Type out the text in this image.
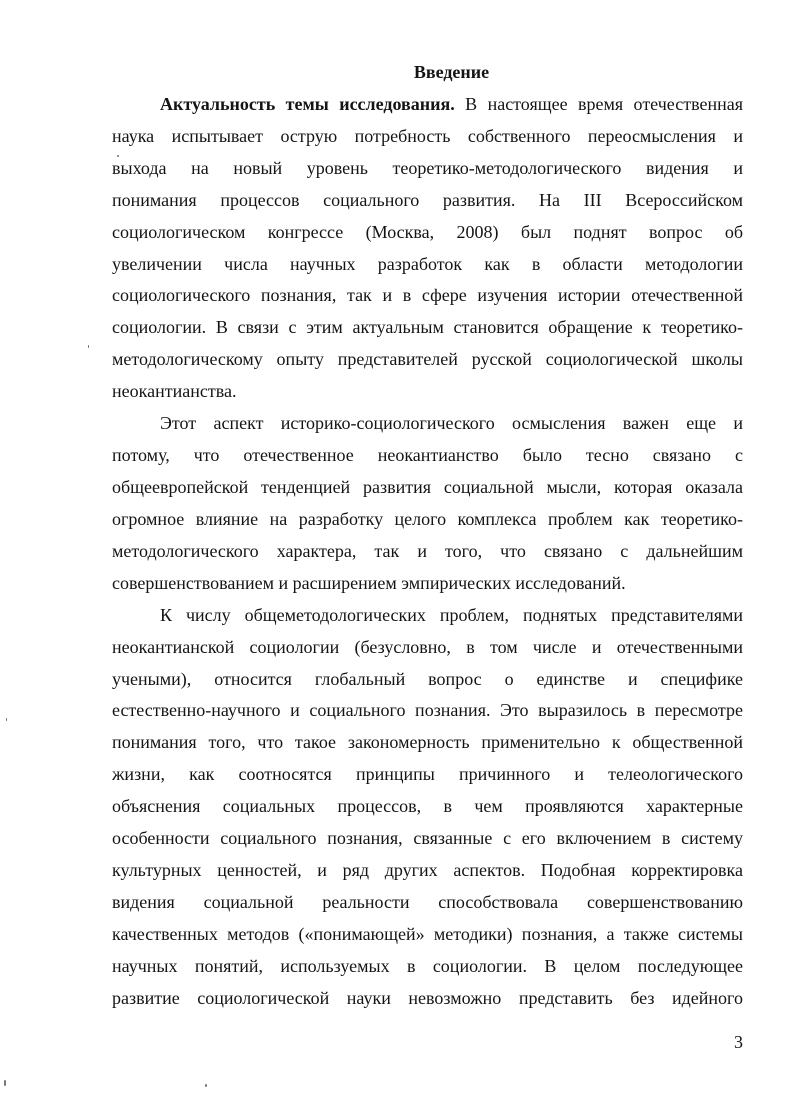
Введение
Актуальность темы исследования. В настоящее время отечественная
наука испытывает острую потребность собственного переосмысления и
выхода на новый уровень теоретико-методологического видения и
понимания процессов социального развития. На III Всероссийском
социологическом конгрессе (Москва, 2008) был поднят вопрос об
увеличении числа научных разработок как в области методологии
социологического познания, так и в сфере изучения истории отечественной
социологии. В связи с этим актуальным становится обращение к теоретико-
методологическому опыту представителей русской социологической школы
неокантианства.
Этот аспект историко-социологического осмысления важен еще и
потому, что отечественное неокантианство было тесно связано с
общеевропейской тенденцией развития социальной мысли, которая оказала
огромное влияние на разработку целого комплекса проблем как теоретико-
методологического характера, так и того, что связано с дальнейшим
совершенствованием и расширением эмпирических исследований.
К числу общеметодологических проблем, поднятых представителями
неокантианской социологии (безусловно, в том числе и отечественными
учеными), относится глобальный вопрос о единстве и специфике
естественно-научного и социального познания. Это выразилось в пересмотре
понимания того, что такое закономерность применительно к общественной
жизни, как соотносятся принципы причинного и телеологического
объяснения социальных процессов, в чем проявляются характерные
особенности социального познания, связанные с его включением в систему
культурных ценностей, и ряд других аспектов. Подобная корректировка
видения социальной реальности способствовала совершенствованию
качественных методов («понимающей» методики) познания, а также системы
научных понятий, используемых в социологии. В целом последующее
развитие социологической науки невозможно представить без идейного
3
